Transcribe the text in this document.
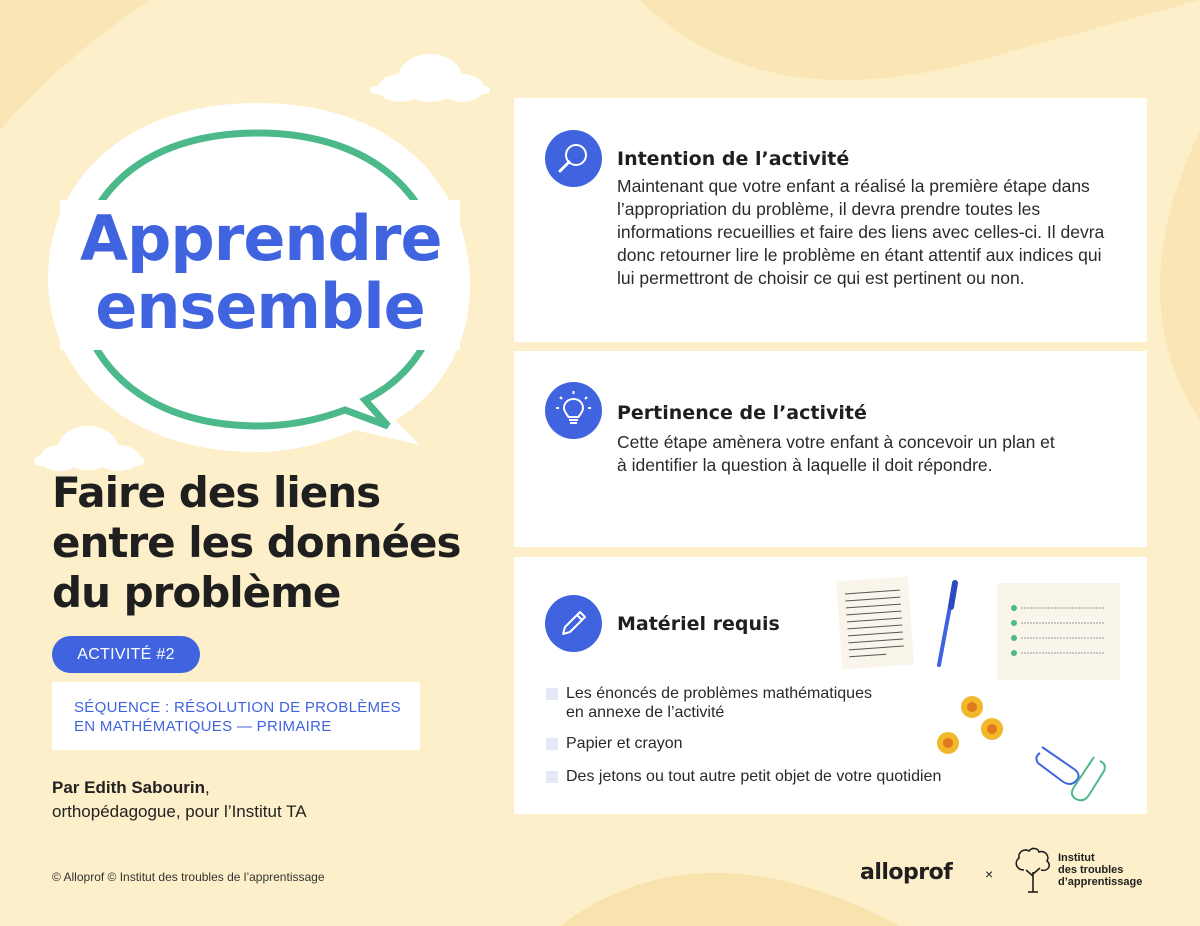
Apprendre
ensemble
Faire des liens
entre les données
du problème
ACTIVITÉ #2
SÉQUENCE : RÉSOLUTION DE PROBLÈMES
EN MATHÉMATIQUES — PRIMAIRE
Par Edith Sabourin,
orthopédagogue, pour l’Institut TA
© Alloprof © Institut des troubles de l’apprentissage
Intention de l’activité

Maintenant que votre enfant a réalisé la première étape dans l’appropriation du problème, il devra prendre toutes les informations recueillies et faire des liens avec celles-ci. Il devra donc retourner lire le problème en étant attentif aux indices qui lui permettront de choisir ce qui est pertinent ou non.

Pertinence de l’activité

Cette étape amènera votre enfant à concevoir un plan et à identifier la question à laquelle il doit répondre.

Matériel requis
Les énoncés de problèmes mathématiques
en annexe de l’activité
Papier et crayon
Des jetons ou tout autre petit objet de votre quotidien
alloprof ×
Institut
des troubles
d’apprentissage
